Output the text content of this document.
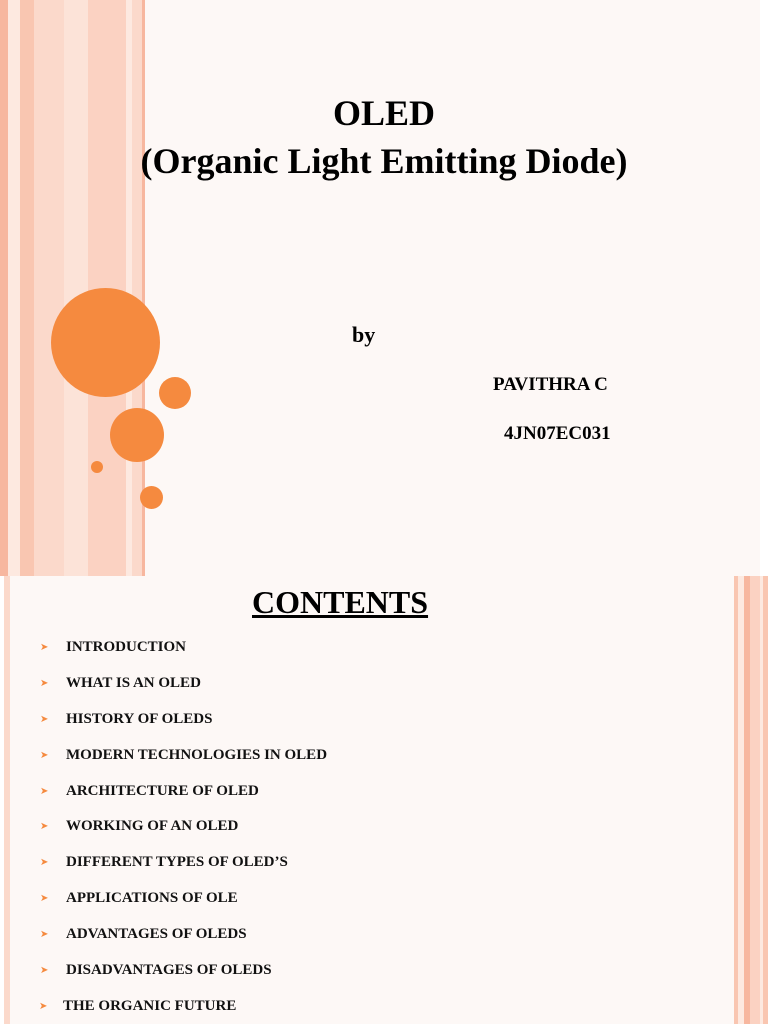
OLED
(Organic Light Emitting Diode)
by
PAVITHRA C
4JN07EC031
CONTENTS
➤ INTRODUCTION
➤ WHAT IS AN OLED
➤ HISTORY OF OLEDS
➤ MODERN TECHNOLOGIES IN OLED
➤ ARCHITECTURE OF OLED
➤ WORKING OF AN OLED
➤ DIFFERENT TYPES OF OLED’S
➤ APPLICATIONS OF OLE
➤ ADVANTAGES OF OLEDS
➤ DISADVANTAGES OF OLEDS
➤ THE ORGANIC FUTURE
